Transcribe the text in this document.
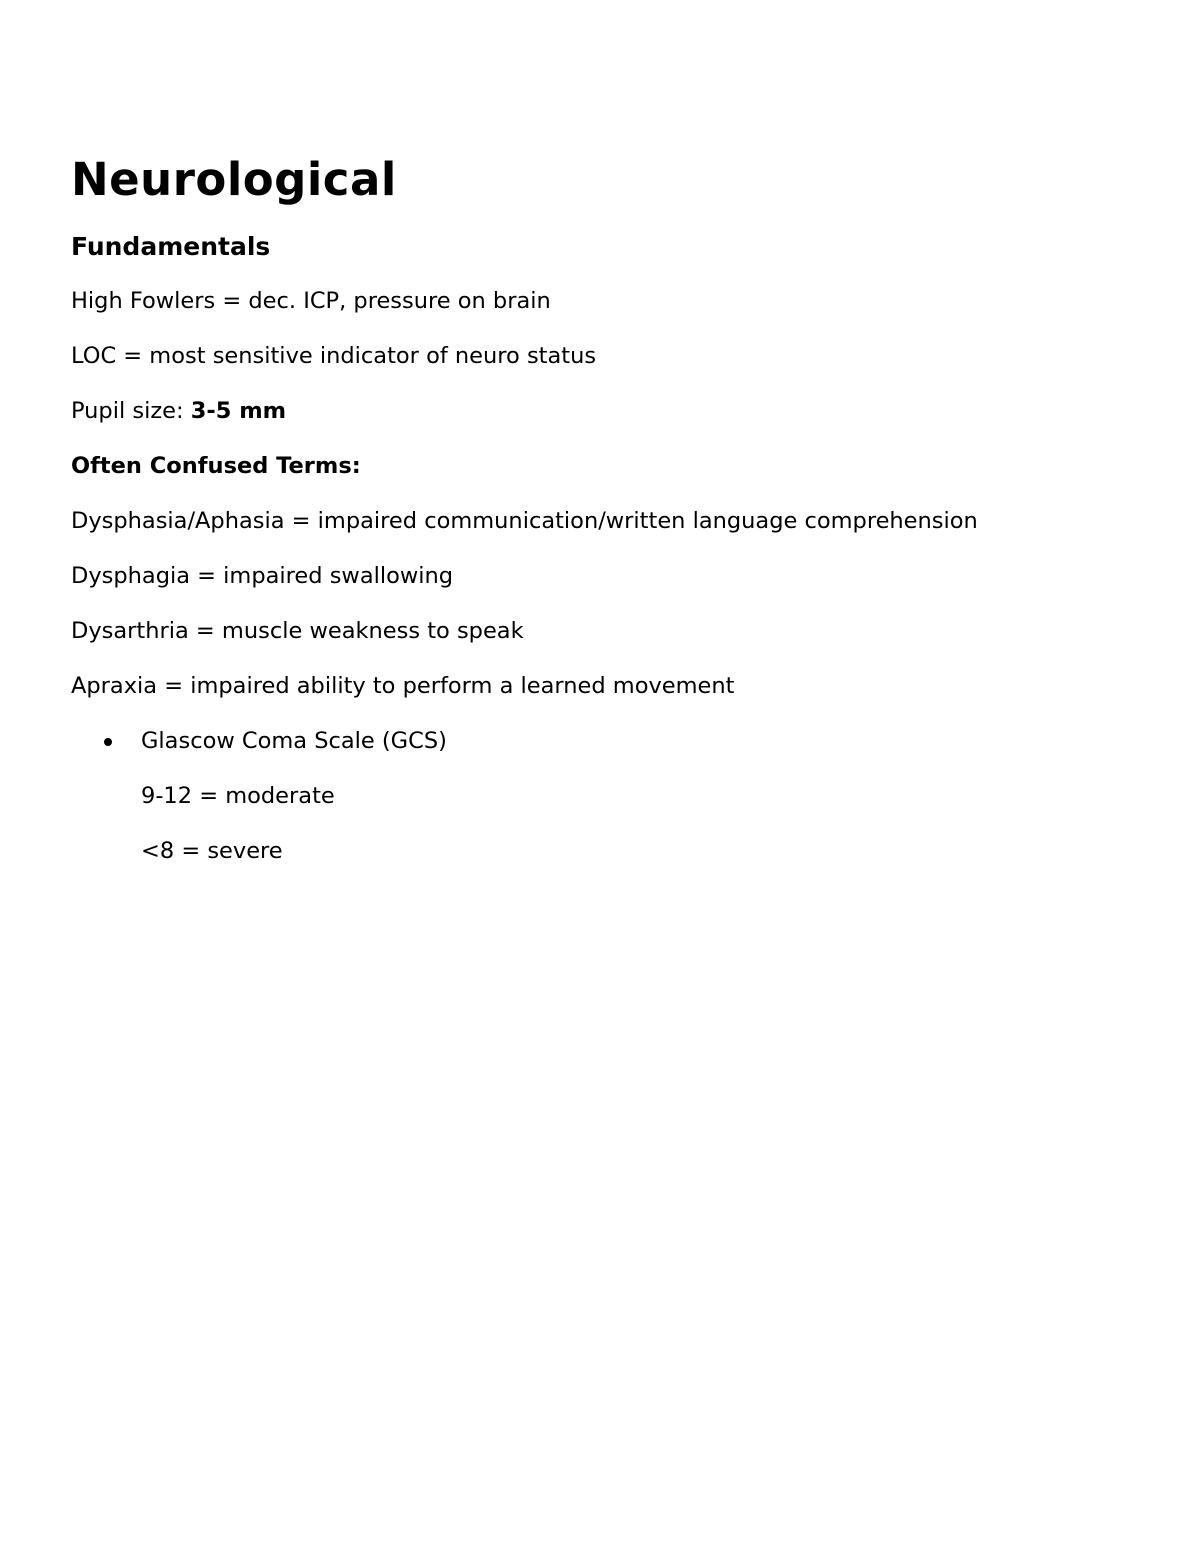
Neurological
Fundamentals
High Fowlers = dec. ICP, pressure on brain
LOC = most sensitive indicator of neuro status
Pupil size: 3-5 mm
Often Confused Terms:
Dysphasia/Aphasia = impaired communication/written language comprehension
Dysphagia = impaired swallowing
Dysarthria = muscle weakness to speak
Apraxia = impaired ability to perform a learned movement
Glascow Coma Scale (GCS)
9-12 = moderate
<8 = severe
